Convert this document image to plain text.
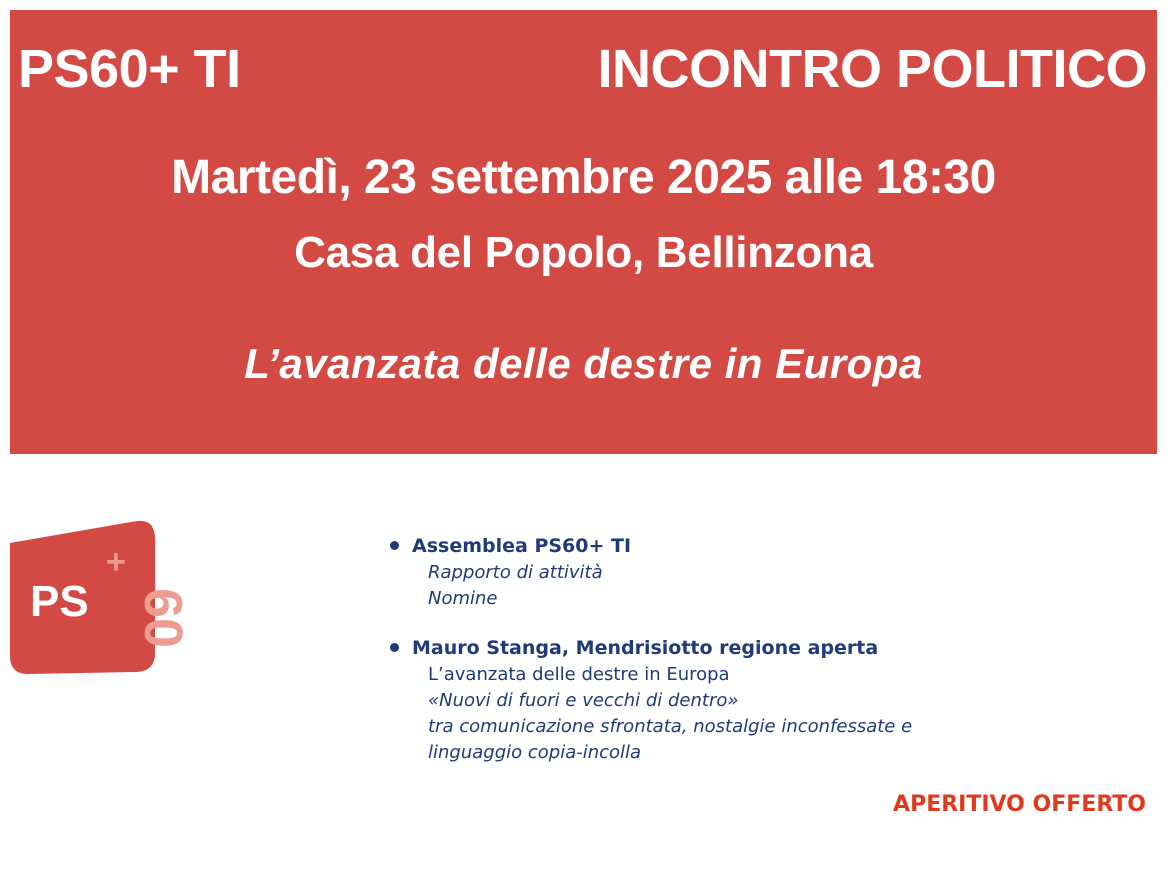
PS60+ TI	INCONTRO POLITICO
Martedì, 23 settembre 2025 alle 18:30
Casa del Popolo, Bellinzona
L’avanzata delle destre in Europa
PS 60
+	Assemblea PS60+ TI
Rapporto di attività
Nomine
Mauro Stanga, Mendrisiotto regione aperta
L’avanzata delle destre in Europa
«Nuovi di fuori e vecchi di dentro»
tra comunicazione sfrontata, nostalgie inconfessate e
linguaggio copia-incolla
APERITIVO OFFERTO
